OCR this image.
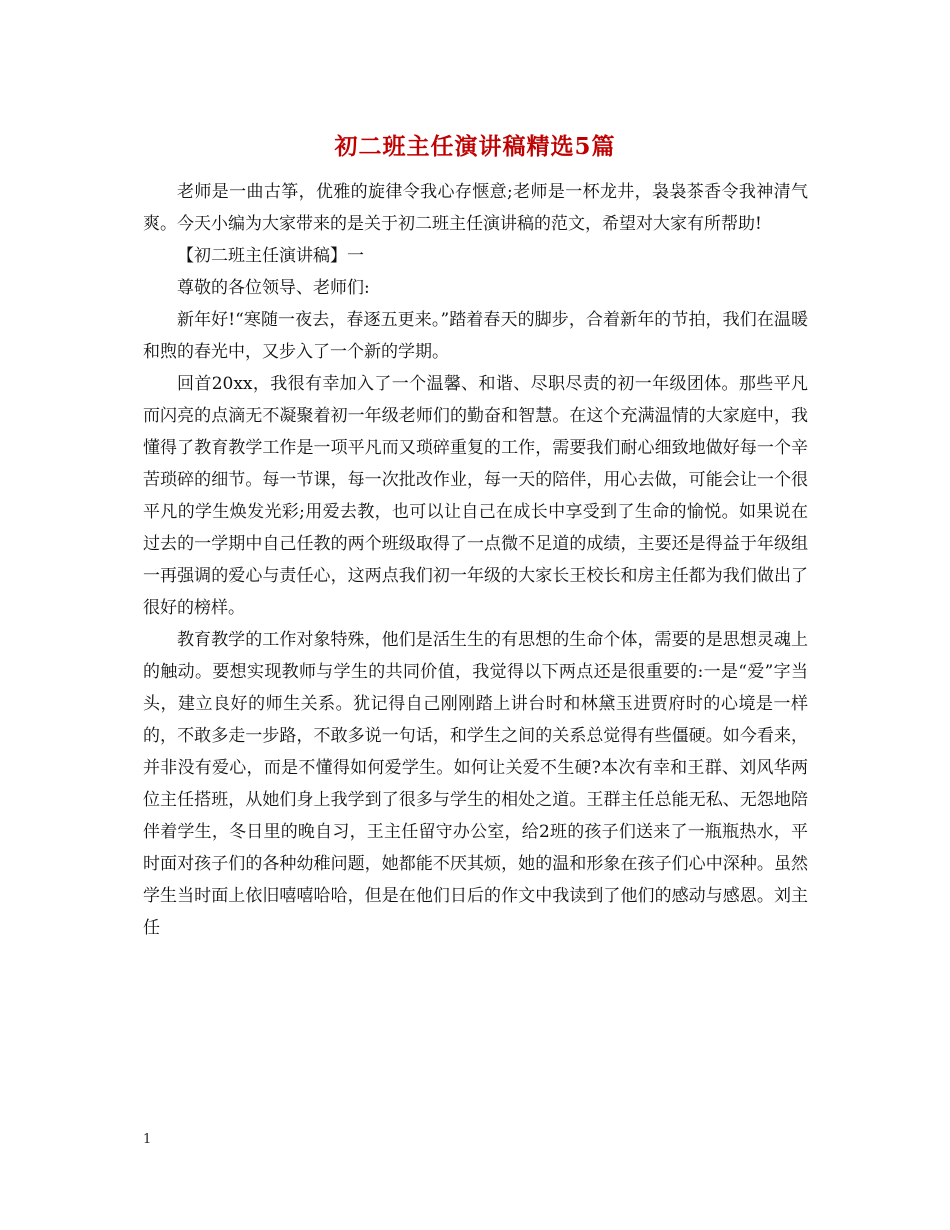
初二班主任演讲稿精选5篇

老师是一曲古筝，优雅的旋律令我心存惬意;老师是一杯龙井，袅袅茶香令我神清气爽。今天小编为大家带来的是关于初二班主任演讲稿的范文，希望对大家有所帮助!

【初二班主任演讲稿】一

尊敬的各位领导、老师们:

新年好!“寒随一夜去，春逐五更来。”踏着春天的脚步，合着新年的节拍，我们在温暖和煦的春光中，又步入了一个新的学期。

回首20xx，我很有幸加入了一个温馨、和谐、尽职尽责的初一年级团体。那些平凡而闪亮的点滴无不凝聚着初一年级老师们的勤奋和智慧。在这个充满温情的大家庭中，我懂得了教育教学工作是一项平凡而又琐碎重复的工作，需要我们耐心细致地做好每一个辛苦琐碎的细节。每一节课，每一次批改作业，每一天的陪伴，用心去做，可能会让一个很平凡的学生焕发光彩;用爱去教，也可以让自己在成长中享受到了生命的愉悦。如果说在过去的一学期中自己任教的两个班级取得了一点微不足道的成绩，主要还是得益于年级组一再强调的爱心与责任心，这两点我们初一年级的大家长王校长和房主任都为我们做出了很好的榜样。

教育教学的工作对象特殊，他们是活生生的有思想的生命个体，需要的是思想灵魂上的触动。要想实现教师与学生的共同价值，我觉得以下两点还是很重要的:一是“爱”字当头，建立良好的师生关系。犹记得自己刚刚踏上讲台时和林黛玉进贾府时的心境是一样的，不敢多走一步路，不敢多说一句话，和学生之间的关系总觉得有些僵硬。如今看来，并非没有爱心，而是不懂得如何爱学生。如何让关爱不生硬?本次有幸和王群、刘风华两位主任搭班，从她们身上我学到了很多与学生的相处之道。王群主任总能无私、无怨地陪伴着学生，冬日里的晚自习，王主任留守办公室，给2班的孩子们送来了一瓶瓶热水，平时面对孩子们的各种幼稚问题，她都能不厌其烦，她的温和形象在孩子们心中深种。虽然学生当时面上依旧嘻嘻哈哈，但是在他们日后的作文中我读到了他们的感动与感恩。刘主任

1
